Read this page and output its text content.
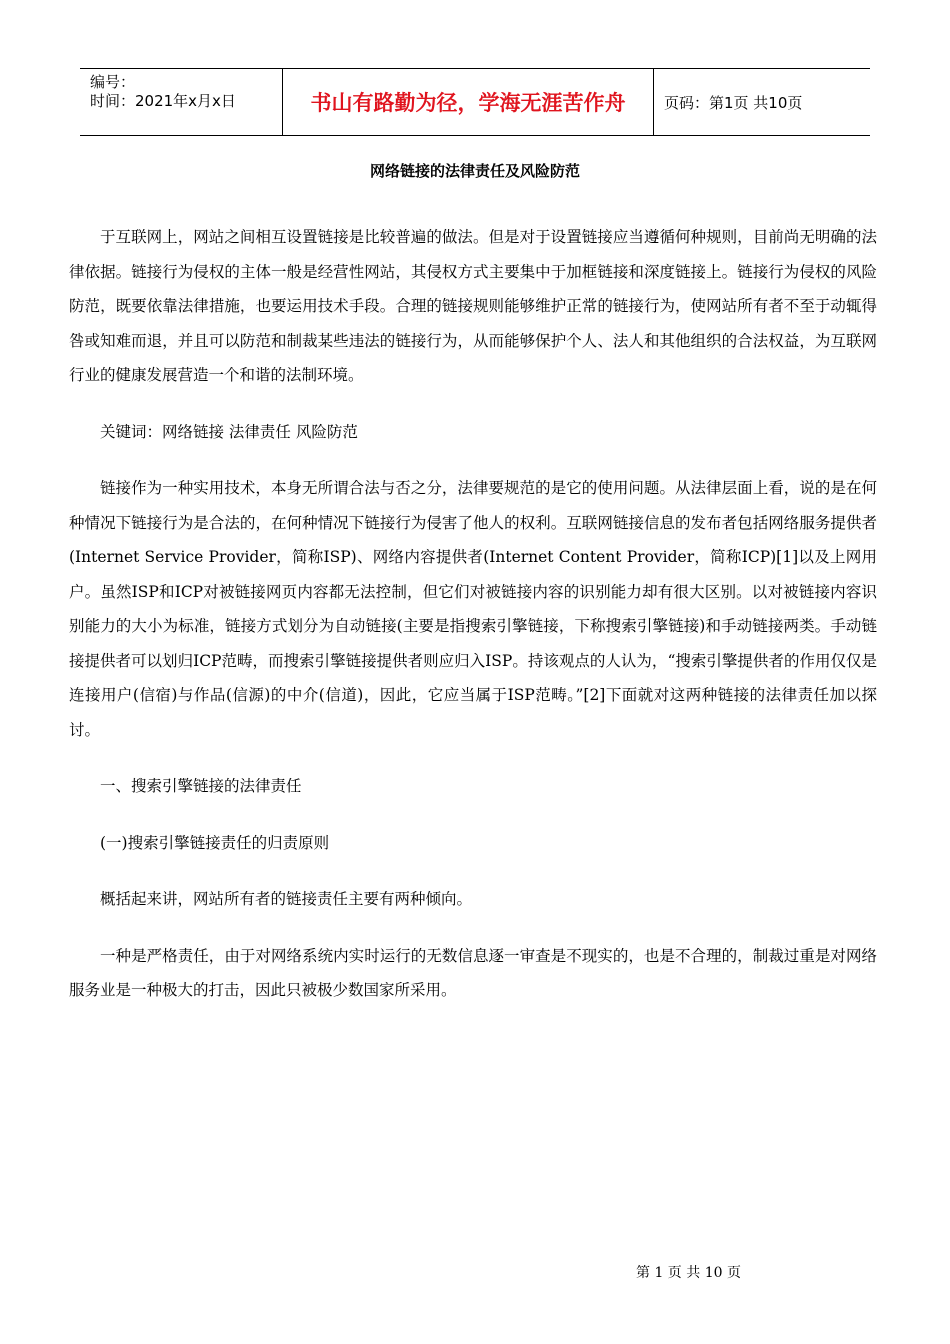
编号：
时间：2021年x月x日	书山有路勤为径，学海无涯苦作舟	页码：第1页 共10页
网络链接的法律责任及风险防范

于互联网上，网站之间相互设置链接是比较普遍的做法。但是对于设置链接应当遵循何种规则，目前尚无明确的法律依据。链接行为侵权的主体一般是经营性网站，其侵权方式主要集中于加框链接和深度链接上。链接行为侵权的风险防范，既要依靠法律措施，也要运用技术手段。合理的链接规则能够维护正常的链接行为，使网站所有者不至于动辄得咎或知难而退，并且可以防范和制裁某些违法的链接行为，从而能够保护个人、法人和其他组织的合法权益，为互联网行业的健康发展营造一个和谐的法制环境。

关键词：网络链接 法律责任 风险防范

链接作为一种实用技术，本身无所谓合法与否之分，法律要规范的是它的使用问题。从法律层面上看，说的是在何种情况下链接行为是合法的，在何种情况下链接行为侵害了他人的权利。互联网链接信息的发布者包括网络服务提供者(Internet Service Provider，简称ISP)、网络内容提供者(Internet Content Provider，简称ICP)[1]以及上网用户。虽然ISP和ICP对被链接网页内容都无法控制，但它们对被链接内容的识别能力却有很大区别。以对被链接内容识别能力的大小为标准，链接方式划分为自动链接(主要是指搜索引擎链接，下称搜索引擎链接)和手动链接两类。手动链接提供者可以划归ICP范畴，而搜索引擎链接提供者则应归入ISP。持该观点的人认为，“搜索引擎提供者的作用仅仅是连接用户(信宿)与作品(信源)的中介(信道)，因此，它应当属于ISP范畴。”[2]下面就对这两种链接的法律责任加以探讨。

一、搜索引擎链接的法律责任

(一)搜索引擎链接责任的归责原则

概括起来讲，网站所有者的链接责任主要有两种倾向。

一种是严格责任，由于对网络系统内实时运行的无数信息逐一审查是不现实的，也是不合理的，制裁过重是对网络服务业是一种极大的打击，因此只被极少数国家所采用。

第 1 页 共 10 页
